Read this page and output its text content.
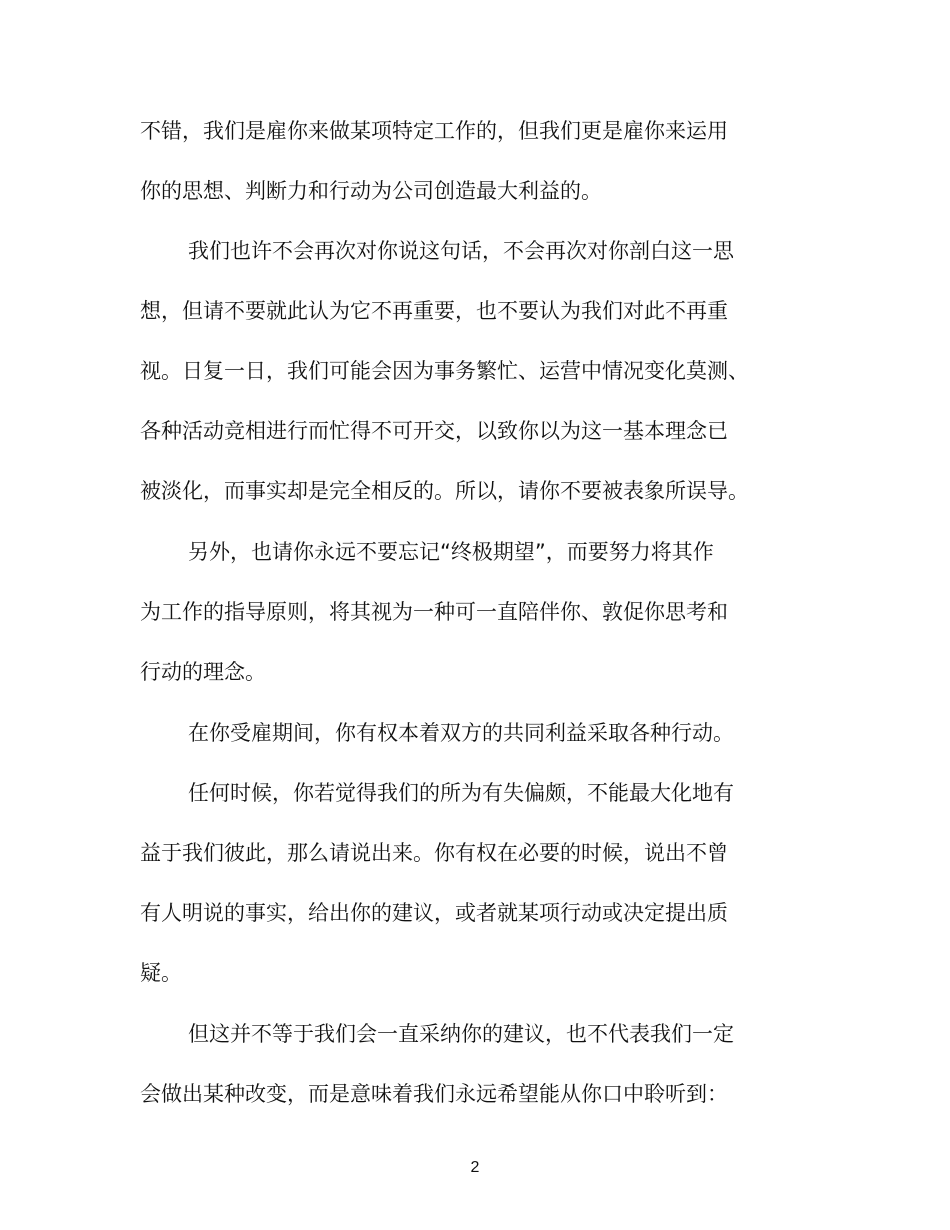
不错，我们是雇你来做某项特定工作的，但我们更是雇你来运用
你的思想、判断力和行动为公司创造最大利益的。
我们也许不会再次对你说这句话，不会再次对你剖白这一思
想，但请不要就此认为它不再重要，也不要认为我们对此不再重
视。日复一日，我们可能会因为事务繁忙、运营中情况变化莫测、
各种活动竞相进行而忙得不可开交，以致你以为这一基本理念已
被淡化，而事实却是完全相反的。所以，请你不要被表象所误导。
另外，也请你永远不要忘记“终极期望”，而要努力将其作
为工作的指导原则，将其视为一种可一直陪伴你、敦促你思考和
行动的理念。
在你受雇期间，你有权本着双方的共同利益采取各种行动。
任何时候，你若觉得我们的所为有失偏颇，不能最大化地有
益于我们彼此，那么请说出来。你有权在必要的时候，说出不曾
有人明说的事实，给出你的建议，或者就某项行动或决定提出质
疑。
但这并不等于我们会一直采纳你的建议，也不代表我们一定
会做出某种改变，而是意味着我们永远希望能从你口中聆听到：
2
